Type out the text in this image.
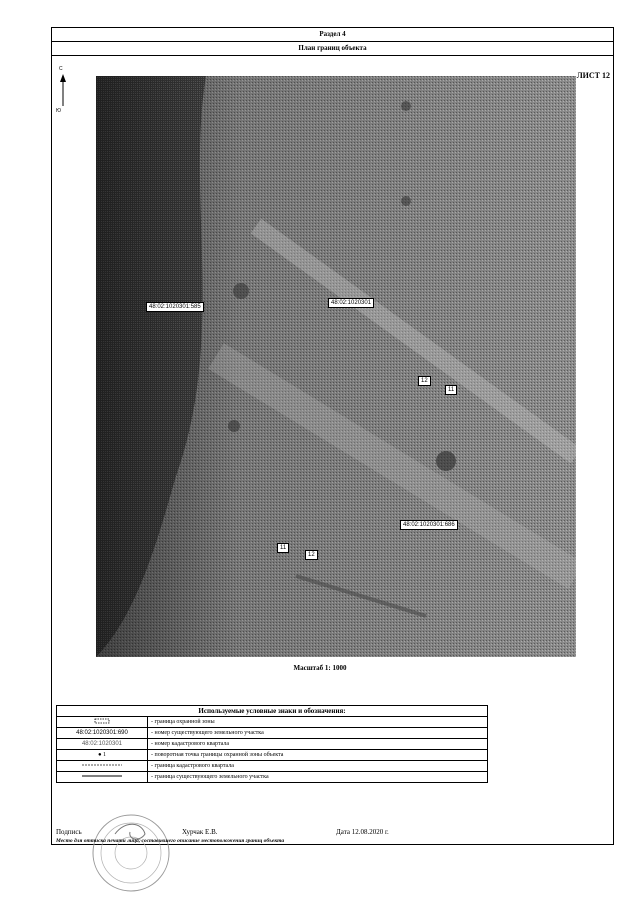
Раздел 4
План границ объекта
ЛИСТ 12
С
Ю
48:02:1020301:585
48:02:1020301
12
11
48:02:1020301:686
11
12
Масштаб 1: 1000
Используемые условные знаки и обозначения:	
	- граница охранной зоны
48:02:1020301:690	- номер существующего земельного участка
48:02:1020301	- номер кадастрового квартала
● 1	- поворотная точка границы охранной зоны объекта
	- граница кадастрового квартала
	- граница существующего земельного участка
Подпись	Хурчак Е.В.	Дата 12.08.2020 г.
Место для оттиска печати лица, составившего описание местоположения границ объекта
